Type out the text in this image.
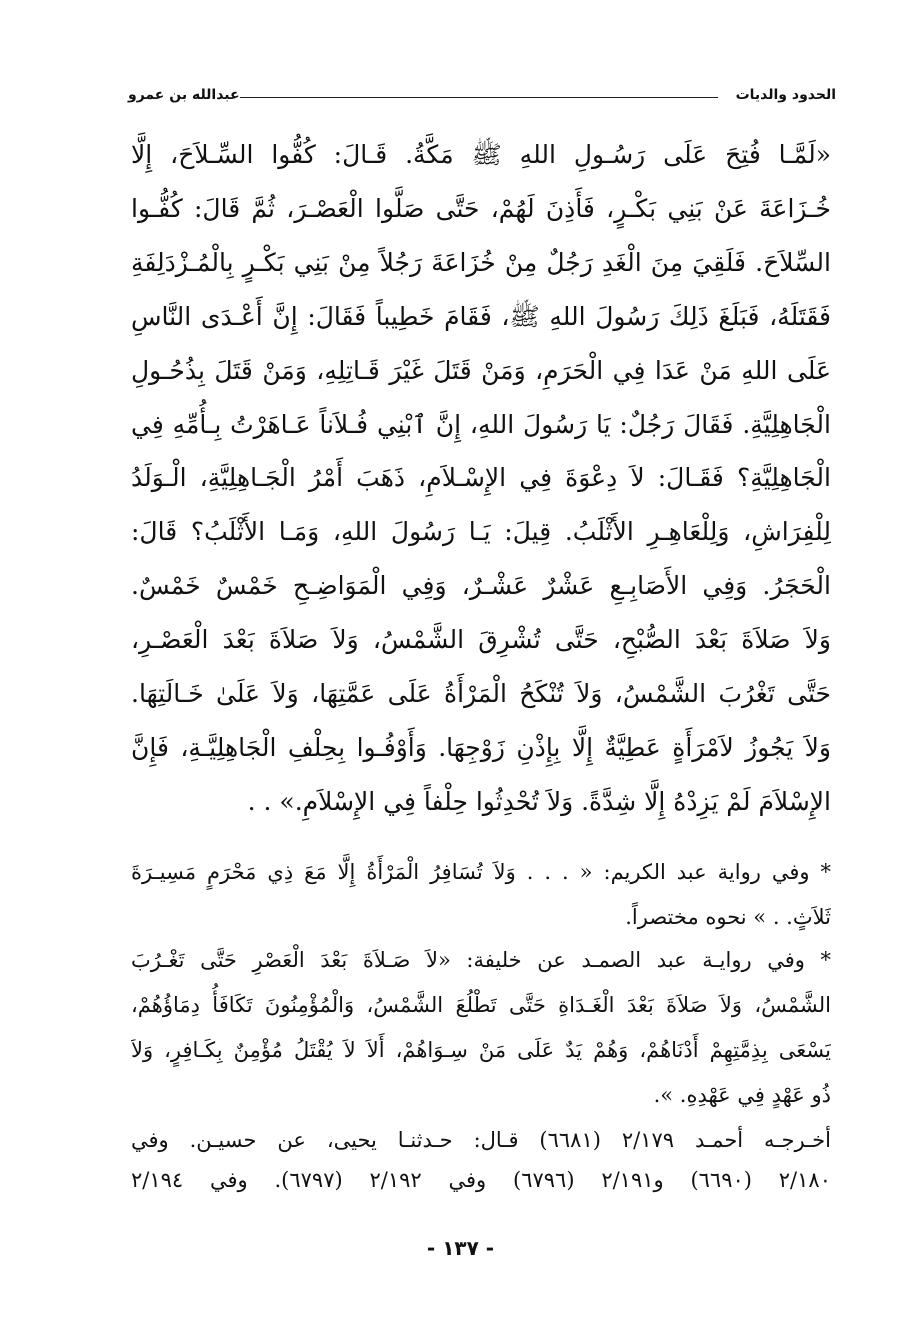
الحدود والديات
عبدالله بن عمرو
«لَمَّـا فُتِحَ عَلَى رَسُـولِ اللهِ ﷺ مَكَّةُ. قَـالَ: كُفُّوا السِّـلاَحَ، إِلَّا
خُـزَاعَةَ عَنْ بَنِي بَكْـرٍ، فَأَذِنَ لَهُمْ، حَتَّى صَلَّوا الْعَصْـرَ، ثُمَّ قَالَ: كُفُّـوا
السِّلاَحَ. فَلَقِيَ مِنَ الْغَدِ رَجُلٌ مِنْ خُزَاعَةَ رَجُلاً مِنْ بَنِي بَكْـرٍ بِالْمُـزْدَلِفَةِ
فَقَتَلَهُ، فَبَلَغَ ذَلِكَ رَسُولَ اللهِ ﷺ، فَقَامَ خَطِيباً فَقَالَ: إِنَّ أَعْـدَى النَّاسِ
عَلَى اللهِ مَنْ عَدَا فِي الْحَرَمِ، وَمَنْ قَتَلَ غَيْرَ قَـاتِلِهِ، وَمَنْ قَتَلَ بِذُحُـولِ
الْجَاهِلِيَّةِ. فَقَالَ رَجُلٌ: يَا رَسُولَ اللهِ، إِنَّ ٱبْنِي فُـلاَناً عَـاهَرْتُ بِـأُمِّهِ فِي
الْجَاهِلِيَّةِ؟ فَقَـالَ: لاَ دِعْوَةَ فِي الإِسْـلاَمِ، ذَهَبَ أَمْرُ الْجَـاهِلِيَّةِ، الْـوَلَدُ
لِلْفِرَاشِ، وَلِلْعَاهِـرِ الأَثْلَبُ. قِيلَ: يَـا رَسُولَ اللهِ، وَمَـا الأَثْلَبُ؟ قَالَ:
الْحَجَرُ. وَفِي الأَصَابِـعِ عَشْرٌ عَشْـرٌ، وَفِي الْمَوَاضِـحِ خَمْسٌ خَمْسٌ.
وَلاَ صَلاَةَ بَعْدَ الصُّبْحِ، حَتَّى تُشْرِقَ الشَّمْسُ، وَلاَ صَلاَةَ بَعْدَ الْعَصْـرِ،
حَتَّى تَغْرُبَ الشَّمْسُ، وَلاَ تُنْكَحُ الْمَرْأَةُ عَلَى عَمَّتِهَا، وَلاَ عَلَىٰ خَـالَتِهَا.
وَلاَ يَجُوزُ لاَمْرَأَةٍ عَطِيَّةٌ إِلَّا بِإِذْنِ زَوْجِهَا. وَأَوْفُـوا بِحِلْفِ الْجَاهِلِيَّـةِ، فَإِنَّ
الإِسْلاَمَ لَمْ يَزِدْهُ إِلَّا شِدَّةً. وَلاَ تُحْدِثُوا حِلْفاً فِي الإِسْلاَمِ.» . .
* وفي رواية عبد الكريم: « . . . وَلاَ تُسَافِرُ الْمَرْأَةُ إِلَّا مَعَ ذِي مَحْرَمٍ مَسِيـرَةَ
ثَلاَثٍ. . » نحوه مختصراً.
* وفي روايـة عبد الصمـد عن خليفة: «لاَ صَـلاَةَ بَعْدَ الْعَصْرِ حَتَّى تَغْـرُبَ
الشَّمْسُ، وَلاَ صَلاَةَ بَعْدَ الْغَـدَاةِ حَتَّى تَطْلُعَ الشَّمْسُ، وَالْمُؤْمِنُونَ تَكَافَأُ دِمَاؤُهُمْ،
يَسْعَى بِذِمَّتِهِمْ أَدْنَاهُمْ، وَهُمْ يَدٌ عَلَى مَنْ سِـوَاهُمْ، أَلاَ لاَ يُقْتَلُ مُؤْمِنٌ بِكَـافِرٍ، وَلاَ
ذُو عَهْدٍ فِي عَهْدِهِ. ».
أخـرجـه أحمـد ٢/١٧٩ (٦٦٨١) قـال: حـدثنـا يحيى، عن حسيـن. وفي
٢/١٨٠ (٦٦٩٠) و٢/١٩١ (٦٧٩٦) وفي ٢/١٩٢ (٦٧٩٧). وفي ٢/١٩٤
- ١٣٧ -
